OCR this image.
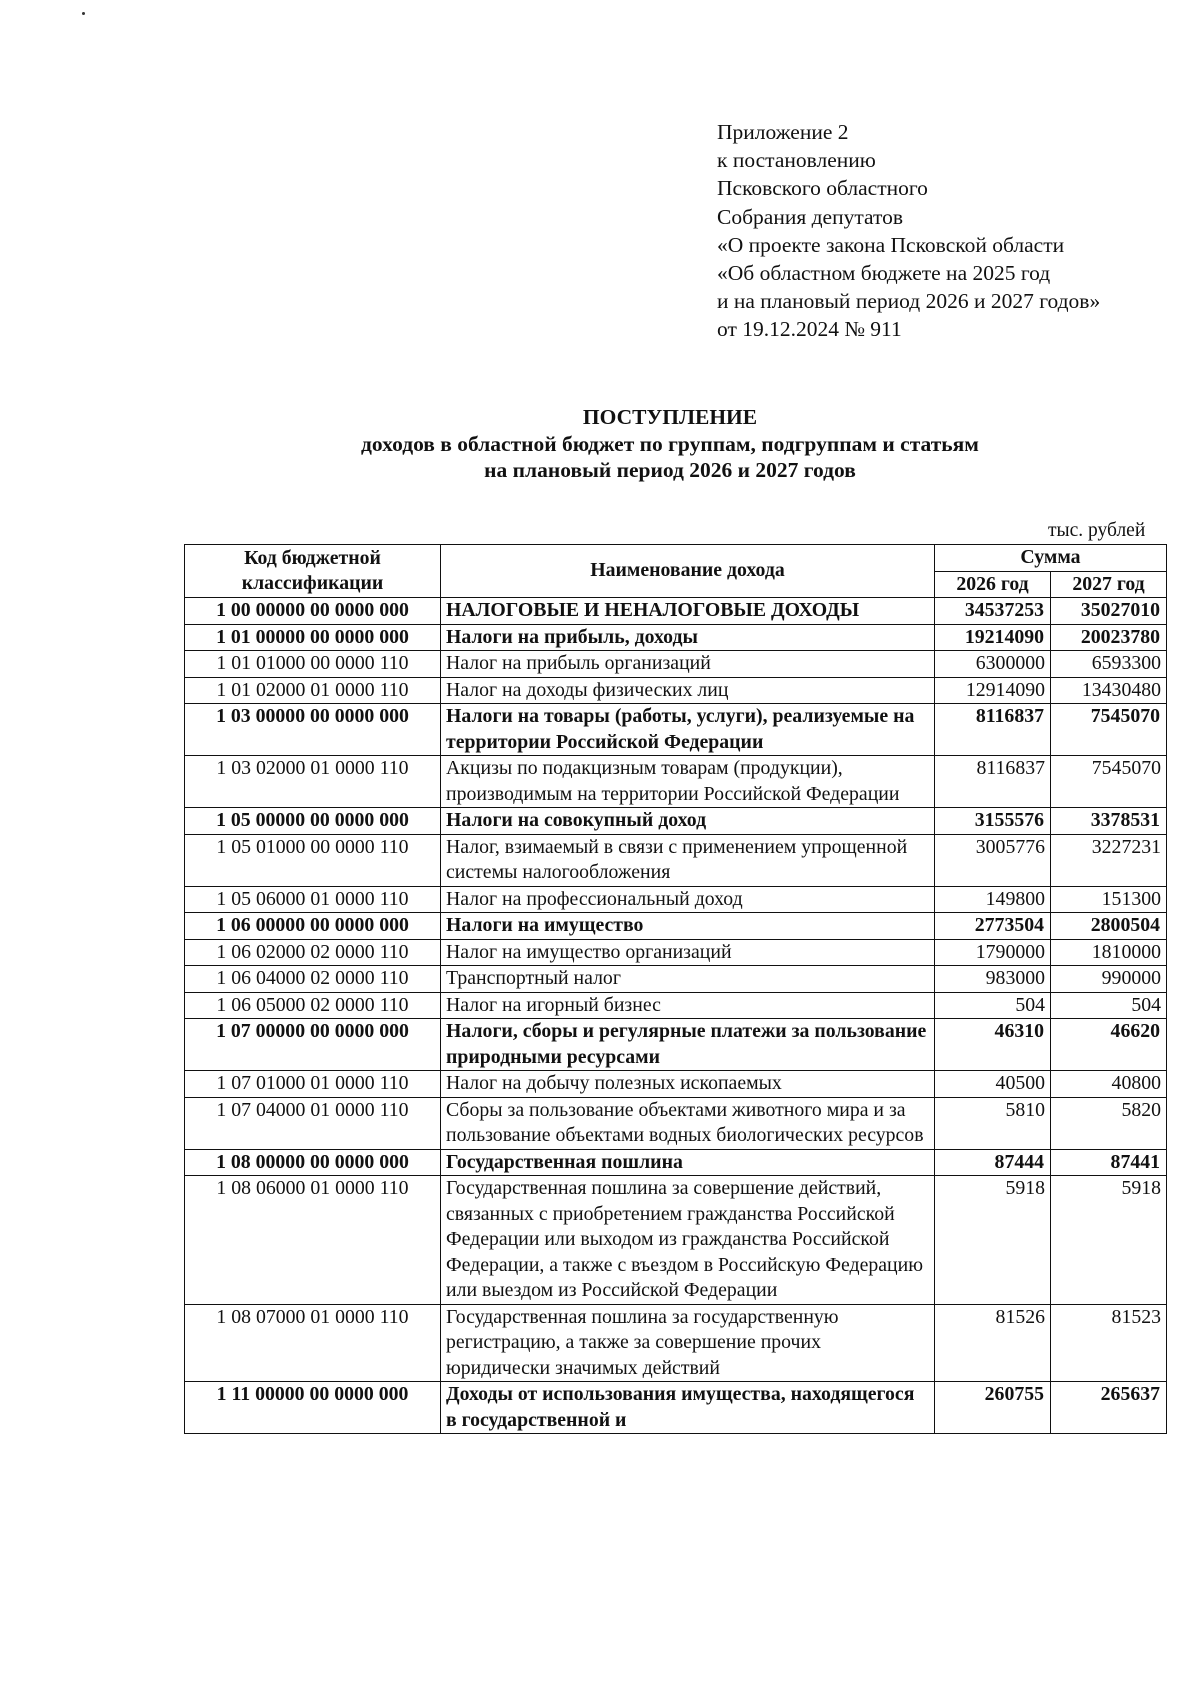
Приложение 2
к постановлению
Псковского областного
Собрания депутатов
«О проекте закона Псковской области
«Об областном бюджете на 2025 год
и на плановый период 2026 и 2027 годов»
от 19.12.2024 № 911
ПОСТУПЛЕНИЕ
доходов в областной бюджет по группам, подгруппам и статьям
на плановый период 2026 и 2027 годов
тыс. рублей
Код бюджетной классификации	Наименование дохода	Сумма	
		2026 год	2027 год
1 00 00000 00 0000 000	НАЛОГОВЫЕ И НЕНАЛОГОВЫЕ ДОХОДЫ	34537253	35027010
1 01 00000 00 0000 000	Налоги на прибыль, доходы	19214090	20023780
1 01 01000 00 0000 110	Налог на прибыль организаций	6300000	6593300
1 01 02000 01 0000 110	Налог на доходы физических лиц	12914090	13430480
1 03 00000 00 0000 000	Налоги на товары (работы, услуги), реализуемые на территории Российской Федерации	8116837	7545070
1 03 02000 01 0000 110	Акцизы по подакцизным товарам (продукции), производимым на территории Российской Федерации	8116837	7545070
1 05 00000 00 0000 000	Налоги на совокупный доход	3155576	3378531
1 05 01000 00 0000 110	Налог, взимаемый в связи с применением упрощенной системы налогообложения	3005776	3227231
1 05 06000 01 0000 110	Налог на профессиональный доход	149800	151300
1 06 00000 00 0000 000	Налоги на имущество	2773504	2800504
1 06 02000 02 0000 110	Налог на имущество организаций	1790000	1810000
1 06 04000 02 0000 110	Транспортный налог	983000	990000
1 06 05000 02 0000 110	Налог на игорный бизнес	504	504
1 07 00000 00 0000 000	Налоги, сборы и регулярные платежи за пользование природными ресурсами	46310	46620
1 07 01000 01 0000 110	Налог на добычу полезных ископаемых	40500	40800
1 07 04000 01 0000 110	Сборы за пользование объектами животного мира и за пользование объектами водных биологических ресурсов	5810	5820
1 08 00000 00 0000 000	Государственная пошлина	87444	87441
1 08 06000 01 0000 110	Государственная пошлина за совершение действий, связанных с приобретением гражданства Российской Федерации или выходом из гражданства Российской Федерации, а также с въездом в Российскую Федерацию или выездом из Российской Федерации	5918	5918
1 08 07000 01 0000 110	Государственная пошлина за государственную регистрацию, а также за совершение прочих юридически значимых действий	81526	81523
1 11 00000 00 0000 000	Доходы от использования имущества, находящегося в государственной и	260755	265637
